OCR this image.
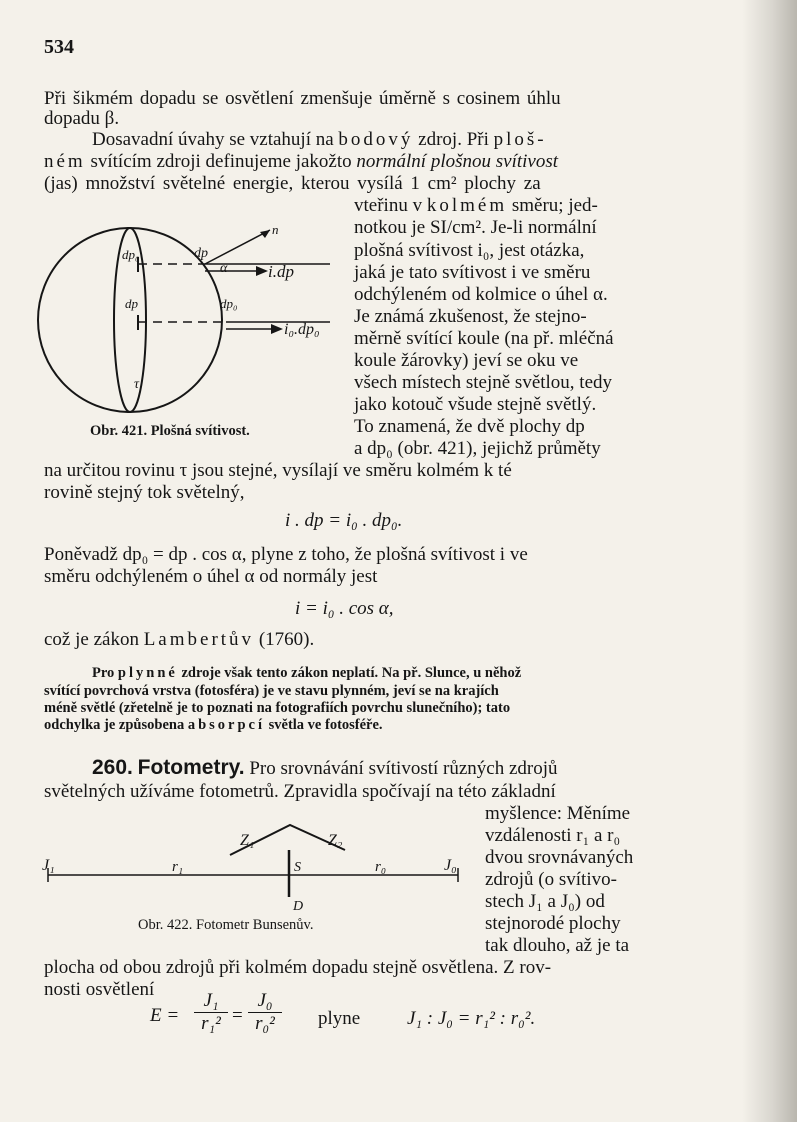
534
Při šikmém dopadu se osvětlení zmenšuje úměrně s cosinem úhlu
dopadu β.
Dosavadní úvahy se vztahují na bodový zdroj. Při ploš-
ném svítícím zdroji definujeme jakožto normální plošnou svítivost
(jas) množství světelné energie, kterou vysílá 1 cm² plochy za
vteřinu v kolmém směru; jed-
notkou je SI/cm². Je-li normální
plošná svítivost i₀, jest otázka,
jaká je tato svítivost i ve směru
odchýleném od kolmice o úhel α.
Je známá zkušenost, že stejno-
měrně svítící koule (na př. mléčná
koule žárovky) jeví se oku ve
všech místech stejně světlou, tedy
jako kotouč všude stejně světlý.
To znamená, že dvě plochy dp
a dp₀ (obr. 421), jejichž průměty
na určitou rovinu τ jsou stejné, vysílají ve směru kolmém k té
rovině stejný tok světelný,
dp₀	dp
α
n
i.dp
dp	dp₀
i₀.dp₀
τ
Obr. 421. Plošná svítivost.
i . dp = i₀ . dp₀.
Poněvadž dp₀ = dp . cos α, plyne z toho, že plošná svítivost i ve
směru odchýleném o úhel α od normály jest
i = i₀ . cos α,
což je zákon Lambertův (1760).
Pro plynné zdroje však tento zákon neplatí. Na př. Slunce, u něhož
svítící povrchová vrstva (fotosféra) je ve stavu plynném, jeví se na krajích
méně světlé (zřetelně je to poznati na fotografiích povrchu slunečního); tato
odchylka je způsobena absorpcí světla ve fotosféře.
260. Fotometry. Pro srovnávání svítivostí různých zdrojů
světelných užíváme fotometrů. Zpravidla spočívají na této základní
myšlence: Měníme
vzdálenosti r₁ a r₀
dvou srovnávaných
zdrojů (o svítivo-
stech J₁ a J₀) od
stejnorodé plochy
tak dlouho, až je ta
plocha od obou zdrojů při kolmém dopadu stejně osvětlena. Z rov-
nosti osvětlení
Z₁	Z₂
J₁	r₁	S	r₀	J₀
D
Obr. 422. Fotometr Bunsenův.
$E = \frac{\text{J₁}}{\text{r₁²}} = \frac{\text{J₀}}{\text{r₀²}}$ plyne J₁ : J₀ = r₁² : r₀².
